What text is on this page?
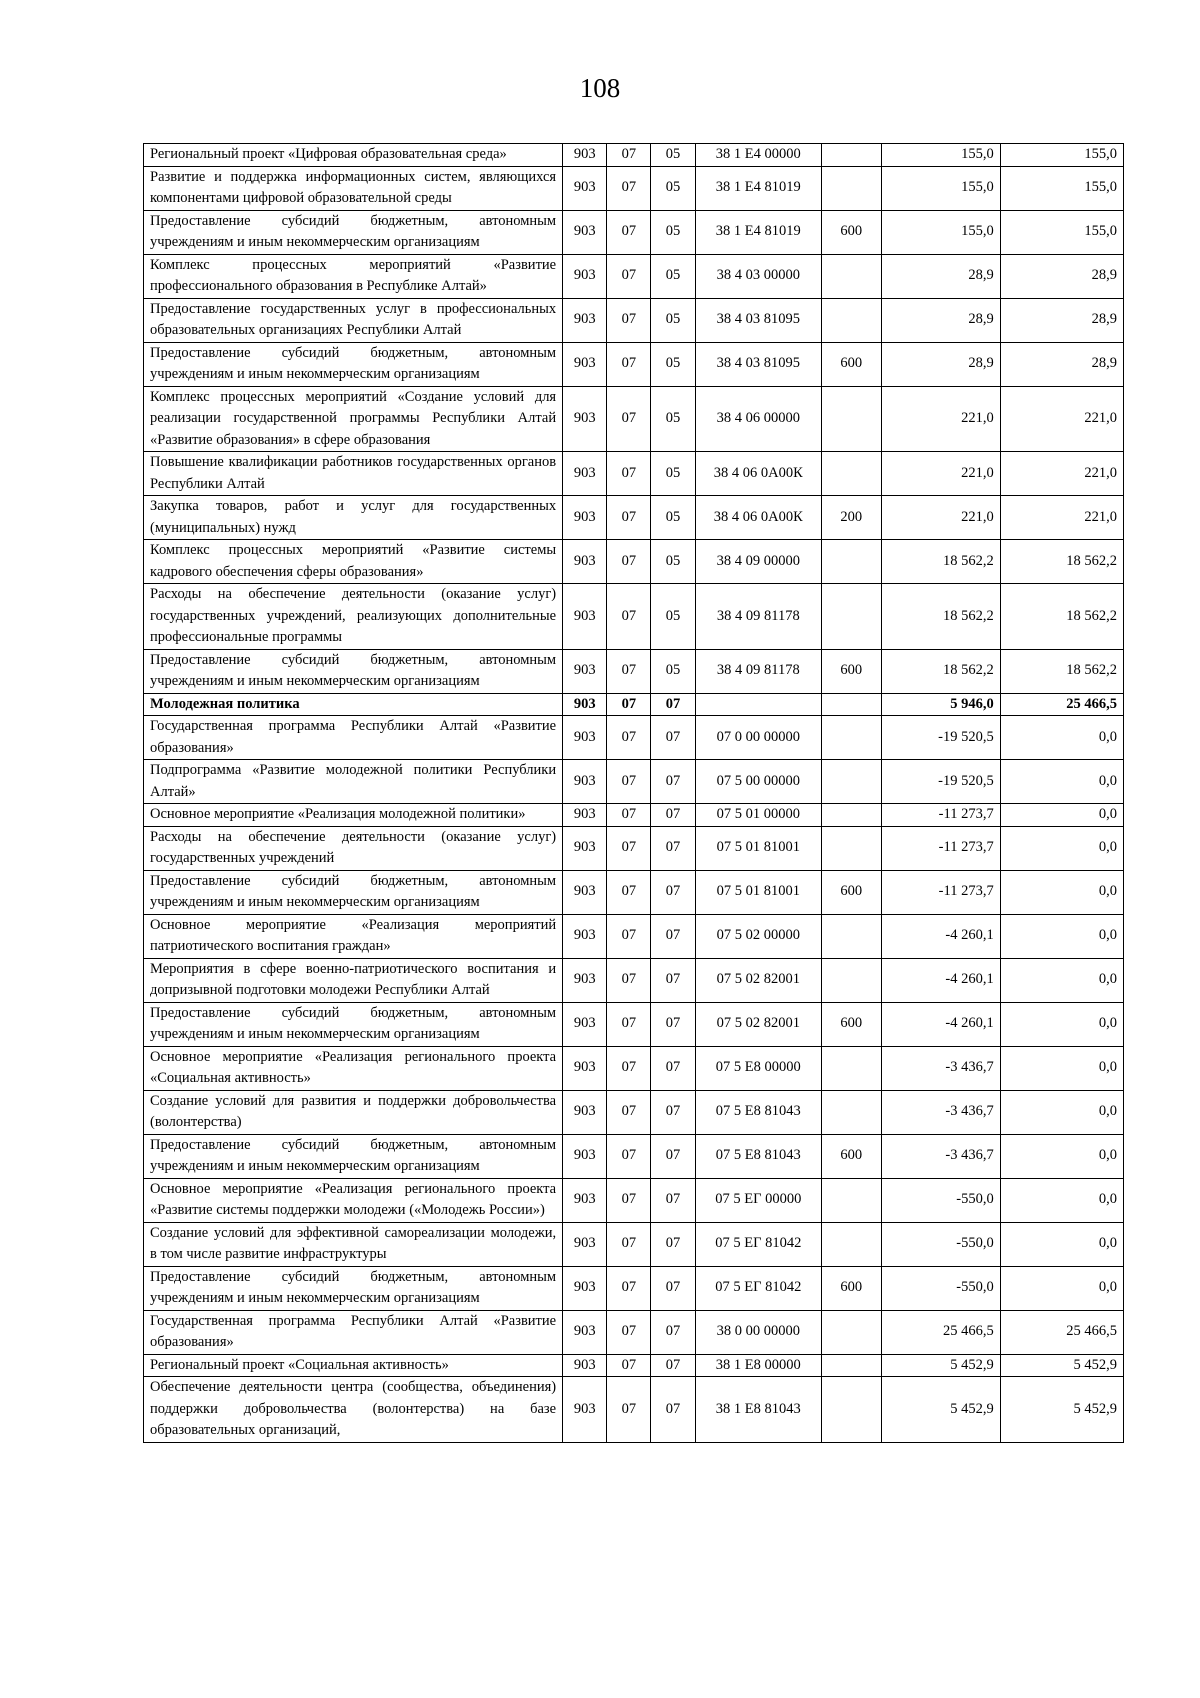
108
Региональный проект «Цифровая образовательная среда»	903	07	05	38 1 E4 00000		155,0	155,0
Развитие и поддержка информационных систем, являющихся компонентами цифровой образовательной среды	903	07	05	38 1 E4 81019		155,0	155,0
Предоставление субсидий бюджетным, автономным учреждениям и иным некоммерческим организациям	903	07	05	38 1 E4 81019	600	155,0	155,0
Комплекс процессных мероприятий «Развитие профессионального образования в Республике Алтай»	903	07	05	38 4 03 00000		28,9	28,9
Предоставление государственных услуг в профессиональных образовательных организациях Республики Алтай	903	07	05	38 4 03 81095		28,9	28,9
Предоставление субсидий бюджетным, автономным учреждениям и иным некоммерческим организациям	903	07	05	38 4 03 81095	600	28,9	28,9
Комплекс процессных мероприятий «Создание условий для реализации государственной программы Республики Алтай «Развитие образования» в сфере образования	903	07	05	38 4 06 00000		221,0	221,0
Повышение квалификации работников государственных органов Республики Алтай	903	07	05	38 4 06 0А00К		221,0	221,0
Закупка товаров, работ и услуг для государственных (муниципальных) нужд	903	07	05	38 4 06 0А00К	200	221,0	221,0
Комплекс процессных мероприятий «Развитие системы кадрового обеспечения сферы образования»	903	07	05	38 4 09 00000		18 562,2	18 562,2
Расходы на обеспечение деятельности (оказание услуг) государственных учреждений, реализующих дополнительные профессиональные программы	903	07	05	38 4 09 81178		18 562,2	18 562,2
Предоставление субсидий бюджетным, автономным учреждениям и иным некоммерческим организациям	903	07	05	38 4 09 81178	600	18 562,2	18 562,2
Молодежная политика	903	07	07			5 946,0	25 466,5
Государственная программа Республики Алтай «Развитие образования»	903	07	07	07 0 00 00000		-19 520,5	0,0
Подпрограмма «Развитие молодежной политики Республики Алтай»	903	07	07	07 5 00 00000		-19 520,5	0,0
Основное мероприятие «Реализация молодежной политики»	903	07	07	07 5 01 00000		-11 273,7	0,0
Расходы на обеспечение деятельности (оказание услуг) государственных учреждений	903	07	07	07 5 01 81001		-11 273,7	0,0
Предоставление субсидий бюджетным, автономным учреждениям и иным некоммерческим организациям	903	07	07	07 5 01 81001	600	-11 273,7	0,0
Основное мероприятие «Реализация мероприятий патриотического воспитания граждан»	903	07	07	07 5 02 00000		-4 260,1	0,0
Мероприятия в сфере военно-патриотического воспитания и допризывной подготовки молодежи Республики Алтай	903	07	07	07 5 02 82001		-4 260,1	0,0
Предоставление субсидий бюджетным, автономным учреждениям и иным некоммерческим организациям	903	07	07	07 5 02 82001	600	-4 260,1	0,0
Основное мероприятие «Реализация регионального проекта «Социальная активность»	903	07	07	07 5 E8 00000		-3 436,7	0,0
Создание условий для развития и поддержки добровольчества (волонтерства)	903	07	07	07 5 E8 81043		-3 436,7	0,0
Предоставление субсидий бюджетным, автономным учреждениям и иным некоммерческим организациям	903	07	07	07 5 E8 81043	600	-3 436,7	0,0
Основное мероприятие «Реализация регионального проекта «Развитие системы поддержки молодежи («Молодежь России»)	903	07	07	07 5 ЕГ 00000		-550,0	0,0
Создание условий для эффективной самореализации молодежи, в том числе развитие инфраструктуры	903	07	07	07 5 ЕГ 81042		-550,0	0,0
Предоставление субсидий бюджетным, автономным учреждениям и иным некоммерческим организациям	903	07	07	07 5 ЕГ 81042	600	-550,0	0,0
Государственная программа Республики Алтай «Развитие образования»	903	07	07	38 0 00 00000		25 466,5	25 466,5
Региональный проект «Социальная активность»	903	07	07	38 1 E8 00000		5 452,9	5 452,9
Обеспечение деятельности центра (сообщества, объединения) поддержки добровольчества (волонтерства) на базе образовательных организаций,	903	07	07	38 1 E8 81043		5 452,9	5 452,9
